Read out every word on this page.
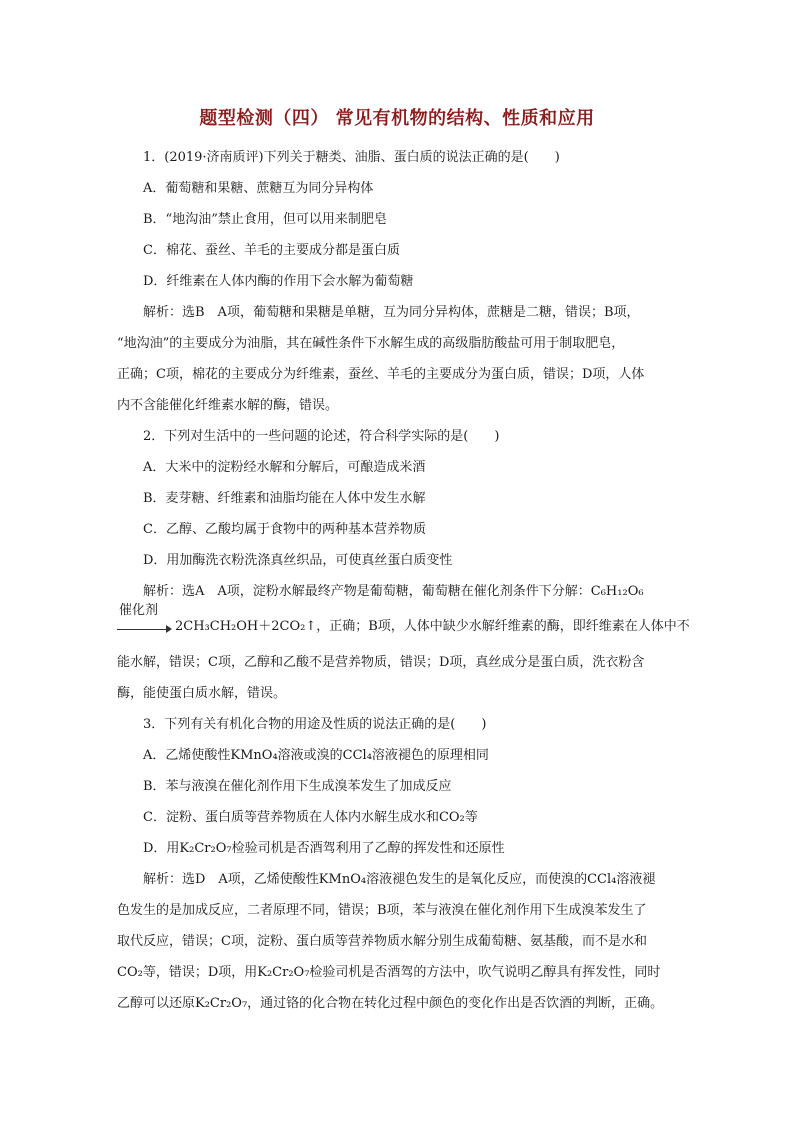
题型检测（四） 常见有机物的结构、性质和应用
1．(2019·济南质评)下列关于糖类、油脂、蛋白质的说法正确的是(　　)
A．葡萄糖和果糖、蔗糖互为同分异构体
B．“地沟油”禁止食用，但可以用来制肥皂
C．棉花、蚕丝、羊毛的主要成分都是蛋白质
D．纤维素在人体内酶的作用下会水解为葡萄糖
解析：选B　A项，葡萄糖和果糖是单糖，互为同分异构体，蔗糖是二糖，错误；B项，
“地沟油”的主要成分为油脂，其在碱性条件下水解生成的高级脂肪酸盐可用于制取肥皂，
正确；C项，棉花的主要成分为纤维素，蚕丝、羊毛的主要成分为蛋白质，错误；D项，人体
内不含能催化纤维素水解的酶，错误。
2．下列对生活中的一些问题的论述，符合科学实际的是(　　)
A．大米中的淀粉经水解和分解后，可酿造成米酒
B．麦芽糖、纤维素和油脂均能在人体中发生水解
C．乙醇、乙酸均属于食物中的两种基本营养物质
D．用加酶洗衣粉洗涤真丝织品，可使真丝蛋白质变性
解析：选A　A项，淀粉水解最终产物是葡萄糖，葡萄糖在催化剂条件下分解：C₆H₁₂O₆
催化剂
2CH₃CH₂OH＋2CO₂↑，正确；B项，人体中缺少水解纤维素的酶，即纤维素在人体中不
能水解，错误；C项，乙醇和乙酸不是营养物质，错误；D项，真丝成分是蛋白质，洗衣粉含
酶，能使蛋白质水解，错误。
3．下列有关有机化合物的用途及性质的说法正确的是(　　)
A．乙烯使酸性KMnO₄溶液或溴的CCl₄溶液褪色的原理相同
B．苯与液溴在催化剂作用下生成溴苯发生了加成反应
C．淀粉、蛋白质等营养物质在人体内水解生成水和CO₂等
D．用K₂Cr₂O₇检验司机是否酒驾利用了乙醇的挥发性和还原性
解析：选D　A项，乙烯使酸性KMnO₄溶液褪色发生的是氧化反应，而使溴的CCl₄溶液褪
色发生的是加成反应，二者原理不同，错误；B项，苯与液溴在催化剂作用下生成溴苯发生了
取代反应，错误；C项，淀粉、蛋白质等营养物质水解分别生成葡萄糖、氨基酸，而不是水和
CO₂等，错误；D项，用K₂Cr₂O₇检验司机是否酒驾的方法中，吹气说明乙醇具有挥发性，同时
乙醇可以还原K₂Cr₂O₇，通过铬的化合物在转化过程中颜色的变化作出是否饮酒的判断，正确。
